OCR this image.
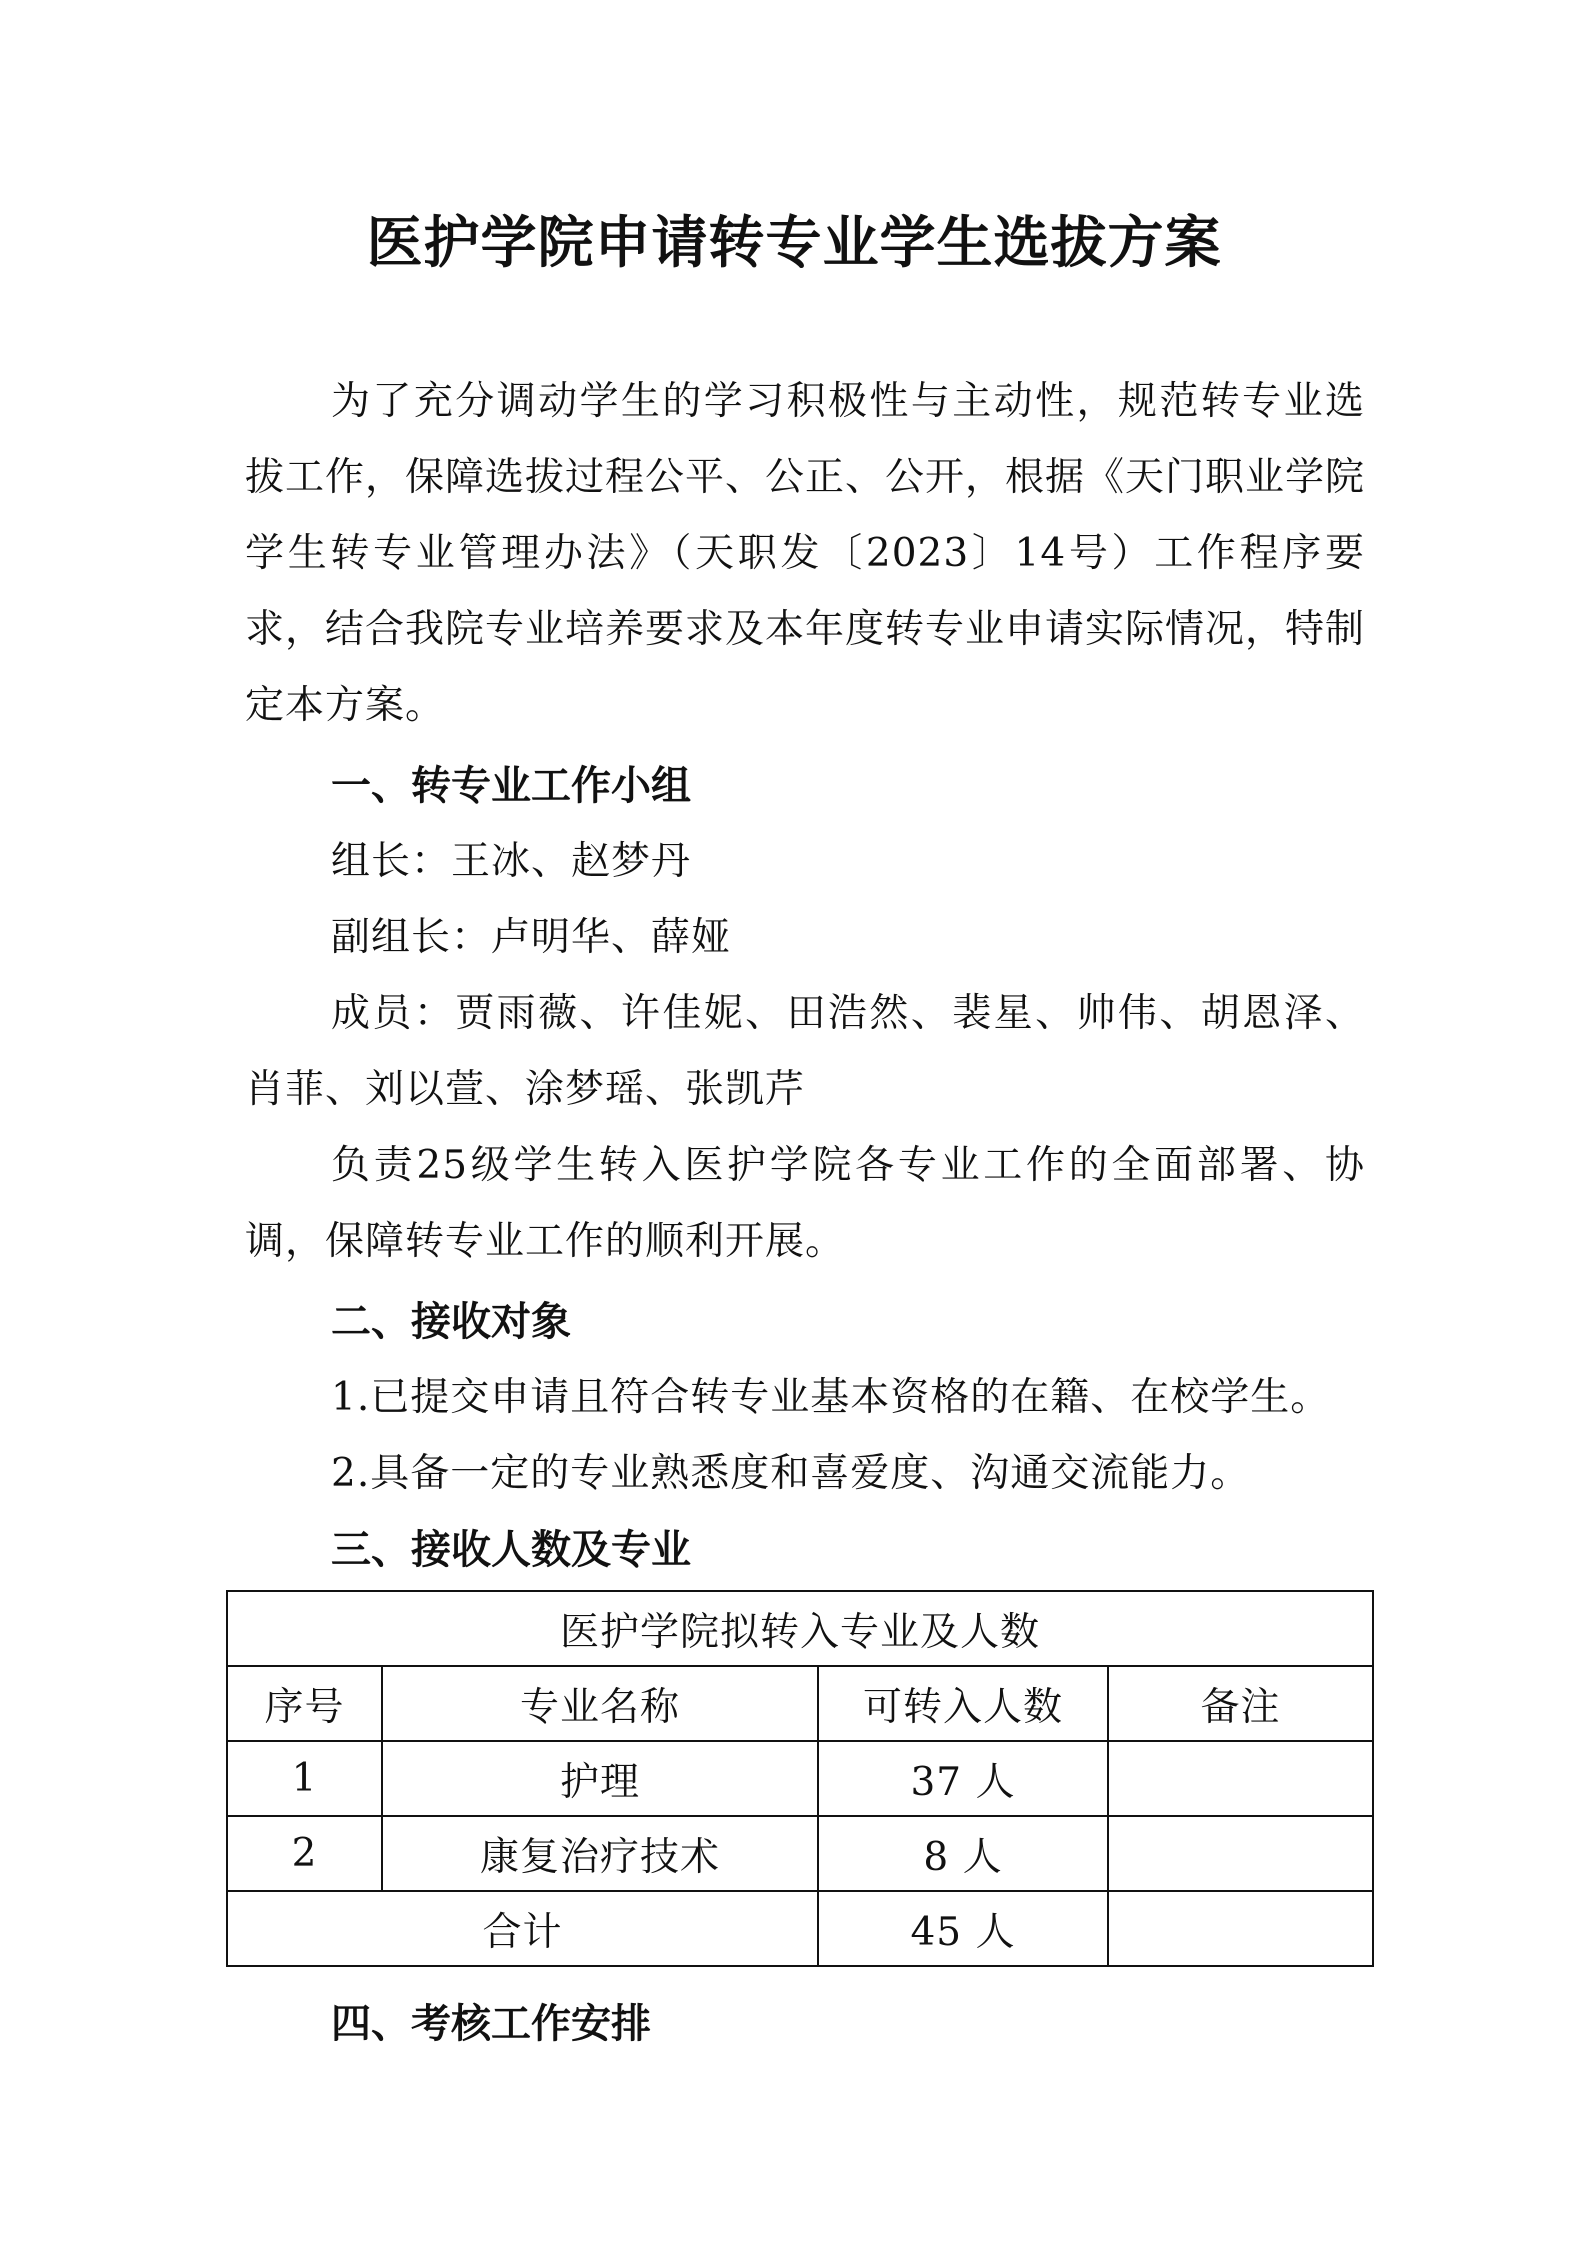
医护学院申请转专业学生选拔方案
为了充分调动学生的学习积极性与主动性，规范转专业选拔工作，保障选拔过程公平、公正、公开，根据《天门职业学院学生转专业管理办法》（天职发〔2023〕14号）工作程序要求，结合我院专业培养要求及本年度转专业申请实际情况，特制定本方案。
一、转专业工作小组
组长：王冰、赵梦丹
副组长：卢明华、薛娅
成员：贾雨薇、许佳妮、田浩然、裴星、帅伟、胡恩泽、肖菲、刘以萱、涂梦瑶、张凯芹
负责25级学生转入医护学院各专业工作的全面部署、协调，保障转专业工作的顺利开展。
二、接收对象
1.已提交申请且符合转专业基本资格的在籍、在校学生。
2.具备一定的专业熟悉度和喜爱度、沟通交流能力。
三、接收人数及专业
医护学院拟转入专业及人数			
序号	专业名称	可转入人数	备注
1	护理	37 人	
2	康复治疗技术	8 人	
合计		45 人	
四、考核工作安排
